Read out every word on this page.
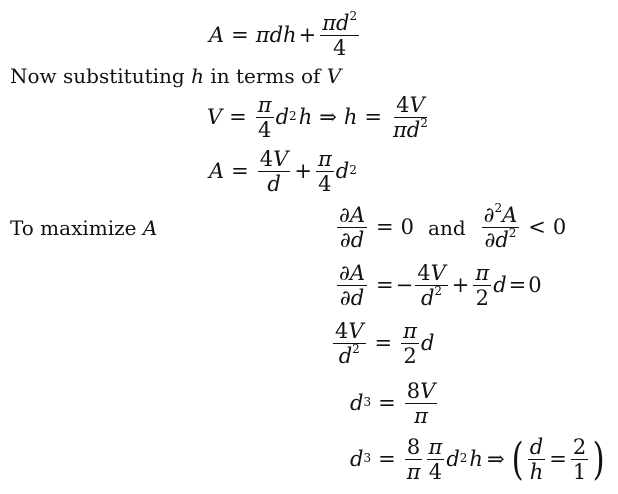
A = π d $h + \frac{\pi d^2}{4}$
Now substituting h in terms of V
$V = \frac{\pi}{4}$ d 2 h ⇒ $h = \frac{4V}{\pi d^2}$
$A = \frac{4V}{d} + \frac{\pi}{4}$ d 2
To maximize A	$\frac{\partial A}{\partial d} = 0$ and $\frac{\partial^2A}{\partial d^2} < 0$
$\frac{\partial A}{\partial d}$ = − $\frac{4V}{d^2} + \frac{\pi}{2}$ d = 0
$\frac{4V}{d^2} = \frac{\pi}{2}$ d
d $3 = \frac{8V}{\pi}$
d $3 = \frac{8}{\pi} \frac{\pi}{4}$ d 2 h ⇒ ( $\frac{d}{h} = \frac{2}{1}$ )
